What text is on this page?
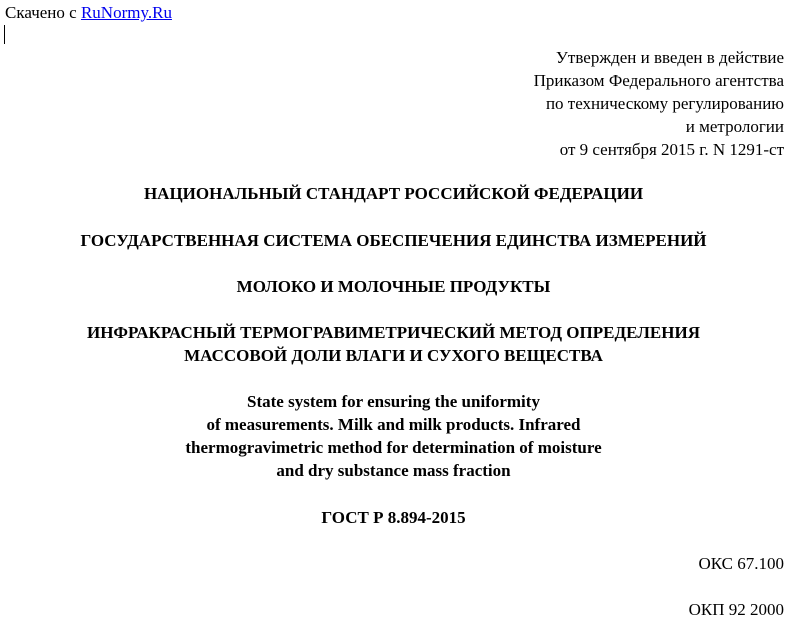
Скачено с RuNormy.Ru
Утвержден и введен в действие
Приказом Федерального агентства
по техническому регулированию
и метрологии
от 9 сентября 2015 г. N 1291-ст
НАЦИОНАЛЬНЫЙ СТАНДАРТ РОССИЙСКОЙ ФЕДЕРАЦИИ
ГОСУДАРСТВЕННАЯ СИСТЕМА ОБЕСПЕЧЕНИЯ ЕДИНСТВА ИЗМЕРЕНИЙ
МОЛОКО И МОЛОЧНЫЕ ПРОДУКТЫ
ИНФРАКРАСНЫЙ ТЕРМОГРАВИМЕТРИЧЕСКИЙ МЕТОД ОПРЕДЕЛЕНИЯ
МАССОВОЙ ДОЛИ ВЛАГИ И СУХОГО ВЕЩЕСТВА
State system for ensuring the uniformity
of measurements. Milk and milk products. Infrared
thermogravimetric method for determination of moisture
and dry substance mass fraction
ГОСТ Р 8.894-2015
ОКС 67.100
ОКП 92 2000
